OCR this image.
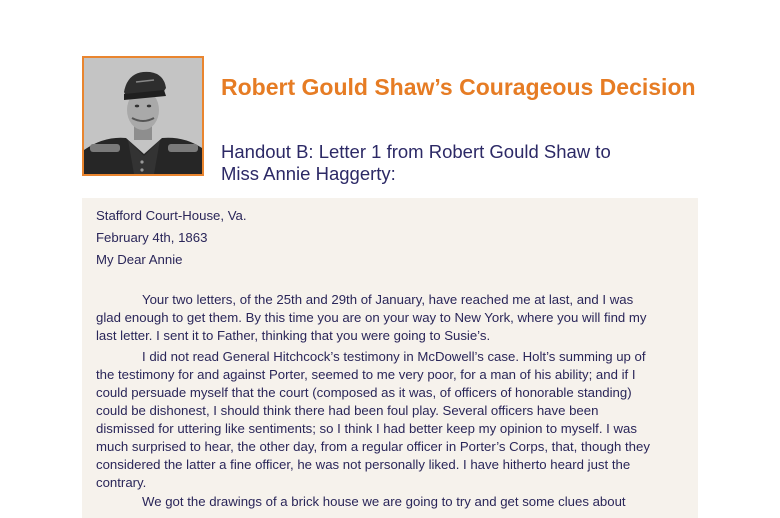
Robert Gould Shaw’s Courageous Decision
Handout B: Letter 1 from Robert Gould Shaw to Miss Annie Haggerty:
Stafford Court-House, Va.
February 4th, 1863
My Dear Annie

Your two letters, of the 25th and 29th of January, have reached me at last, and I was glad enough to get them. By this time you are on your way to New York, where you will find my last letter. I sent it to Father, thinking that you were going to Susie’s.

I did not read General Hitchcock’s testimony in McDowell’s case. Holt’s summing up of the testimony for and against Porter, seemed to me very poor, for a man of his ability; and if I could persuade myself that the court (composed as it was, of officers of honorable standing) could be dishonest, I should think there had been foul play. Several officers have been dismissed for uttering like sentiments; so I think I had better keep my opinion to myself. I was much surprised to hear, the other day, from a regular officer in Porter’s Corps, that, though they considered the latter a fine officer, he was not personally liked. I have hitherto heard just the contrary.

We got the drawings of a brick house we are going to try and get some clues about
